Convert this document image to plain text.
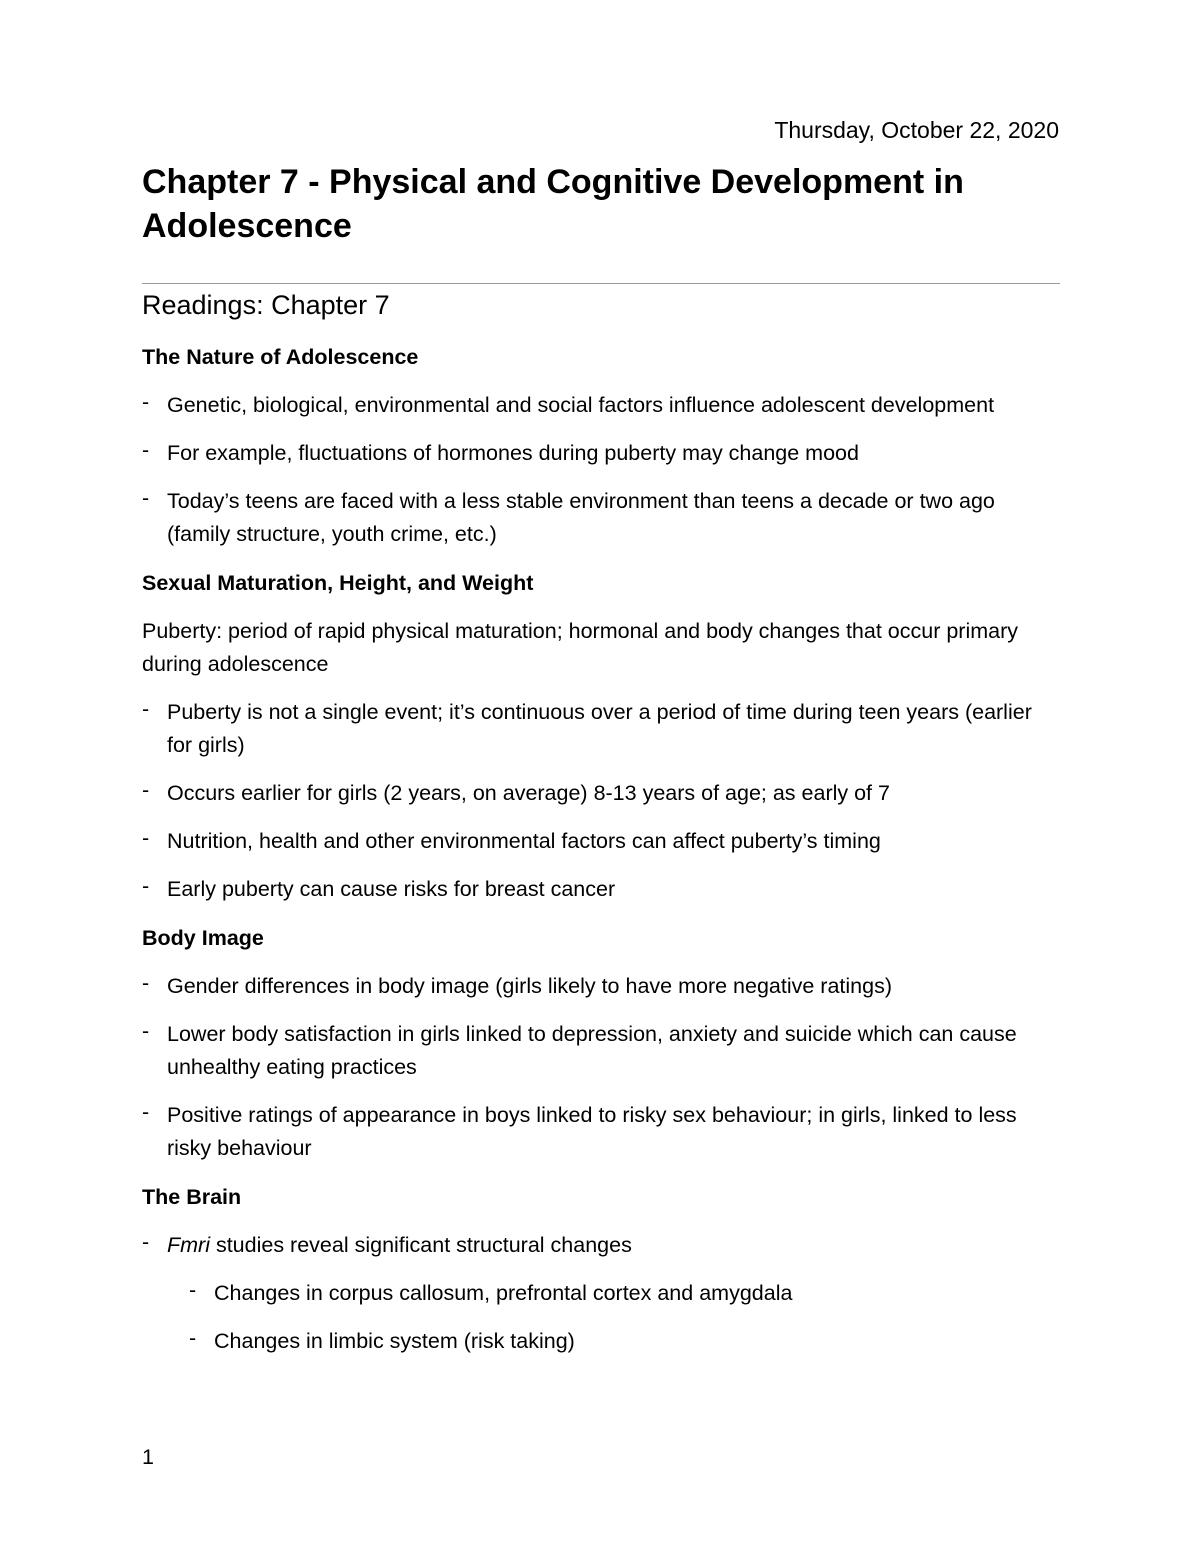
Thursday, October 22, 2020
Chapter 7 - Physical and Cognitive Development in Adolescence
Readings: Chapter 7

The Nature of Adolescence

- Genetic, biological, environmental and social factors influence adolescent development
- For example, fluctuations of hormones during puberty may change mood
- Today’s teens are faced with a less stable environment than teens a decade or two ago (family structure, youth crime, etc.)

Sexual Maturation, Height, and Weight

Puberty: period of rapid physical maturation; hormonal and body changes that occur primary during adolescence

- Puberty is not a single event; it’s continuous over a period of time during teen years (earlier for girls)
- Occurs earlier for girls (2 years, on average) 8-13 years of age; as early of 7
- Nutrition, health and other environmental factors can affect puberty’s timing
- Early puberty can cause risks for breast cancer

Body Image

- Gender differences in body image (girls likely to have more negative ratings)
- Lower body satisfaction in girls linked to depression, anxiety and suicide which can cause unhealthy eating practices
- Positive ratings of appearance in boys linked to risky sex behaviour; in girls, linked to less risky behaviour

The Brain

- Fmri studies reveal significant structural changes
- Changes in corpus callosum, prefrontal cortex and amygdala
- Changes in limbic system (risk taking)
1
